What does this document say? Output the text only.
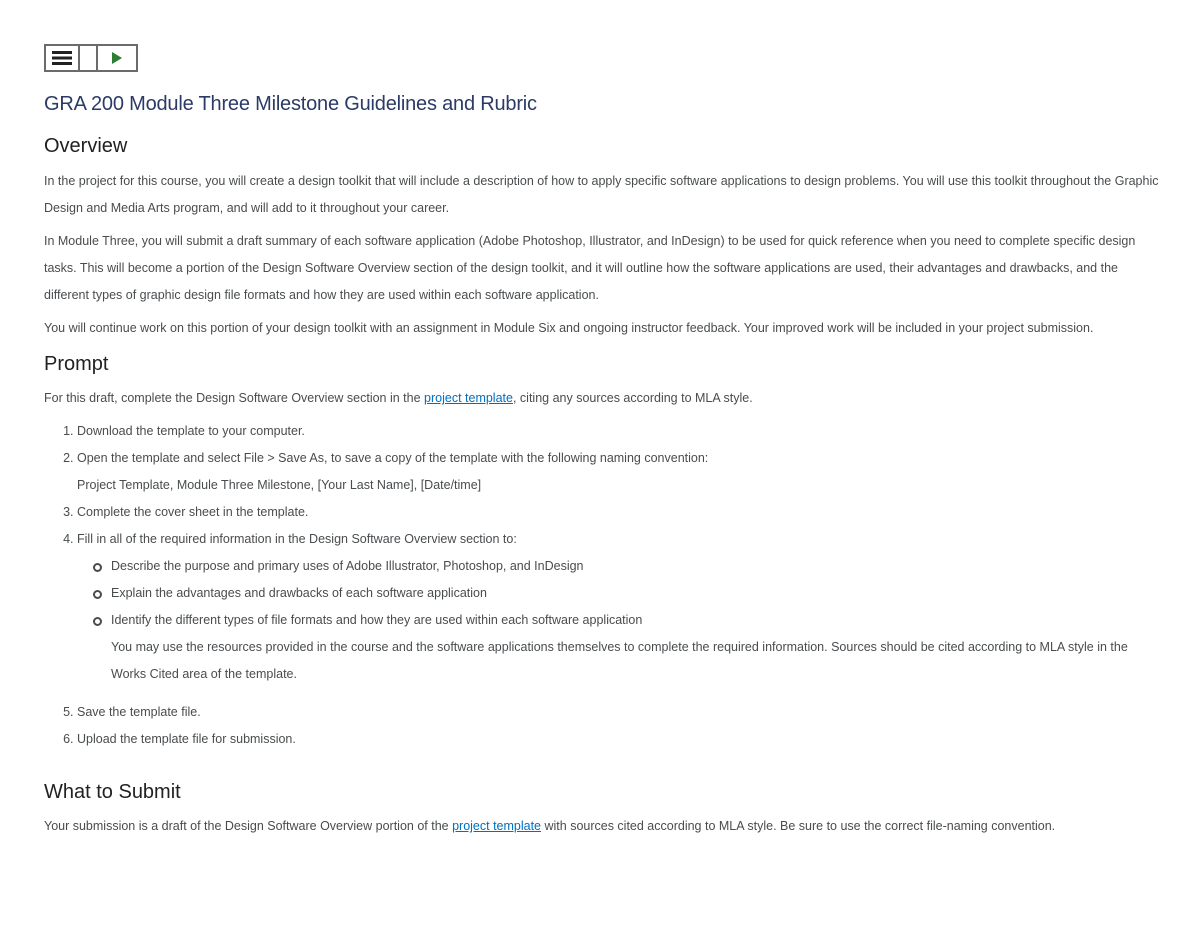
GRA 200 Module Three Milestone Guidelines and Rubric
Overview

In the project for this course, you will create a design toolkit that will include a description of how to apply specific software applications to design problems. You will use this toolkit throughout the Graphic Design and Media Arts program, and will add to it throughout your career.

In Module Three, you will submit a draft summary of each software application (Adobe Photoshop, Illustrator, and InDesign) to be used for quick reference when you need to complete specific design tasks. This will become a portion of the Design Software Overview section of the design toolkit, and it will outline how the software applications are used, their advantages and drawbacks, and the different types of graphic design file formats and how they are used within each software application.

You will continue work on this portion of your design toolkit with an assignment in Module Six and ongoing instructor feedback. Your improved work will be included in your project submission.

Prompt

For this draft, complete the Design Software Overview section in the project template, citing any sources according to MLA style.

1. Download the template to your computer.
2. Open the template and select File > Save As, to save a copy of the template with the following naming convention:
Project Template, Module Three Milestone, [Your Last Name], [Date/time]
3. Complete the cover sheet in the template.
4. Fill in all of the required information in the Design Software Overview section to:
Describe the purpose and primary uses of Adobe Illustrator, Photoshop, and InDesign
Explain the advantages and drawbacks of each software application
Identify the different types of file formats and how they are used within each software application
You may use the resources provided in the course and the software applications themselves to complete the required information. Sources should be cited according to MLA style in the Works Cited area of the template.
5. Save the template file.
6. Upload the template file for submission.
What to Submit

Your submission is a draft of the Design Software Overview portion of the project template with sources cited according to MLA style. Be sure to use the correct file-naming convention.
